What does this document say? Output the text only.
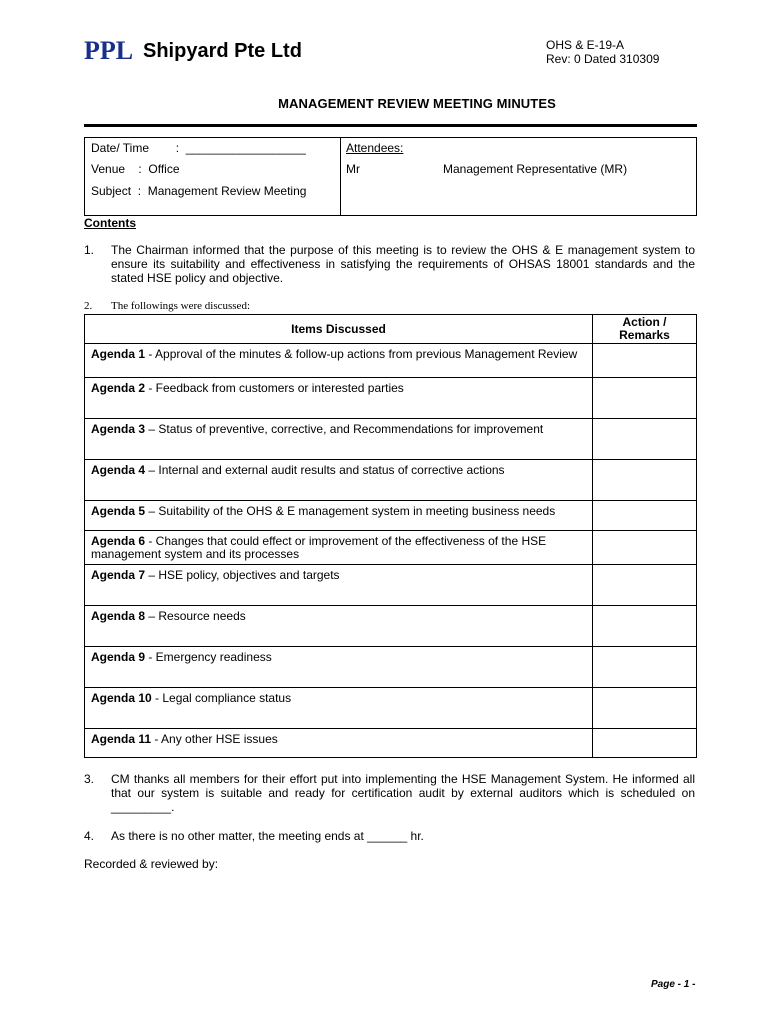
PPL Shipyard Pte Ltd	OHS & E-19-A
Rev: 0 Dated 310309
MANAGEMENT REVIEW MEETING MINUTES
Date/ Time        :  __________________
Venue    :  Office
Subject  :  Management Review Meeting
Attendees:
Mr	Management Representative (MR)
Contents
1. The Chairman informed that the purpose of this meeting is to review the OHS & E management system to ensure its suitability and effectiveness in satisfying the requirements of OHSAS 18001 standards and the stated HSE policy and objective.
2. The followings were discussed:
Items Discussed	Action / Remarks
Agenda 1 - Approval of the minutes & follow-up actions from previous Management Review	
Agenda 2 - Feedback from customers or interested parties	
Agenda 3 – Status of preventive, corrective, and Recommendations for improvement	
Agenda 4 – Internal and external audit results and status of corrective actions	
Agenda 5 – Suitability of the OHS & E management system in meeting business needs	
Agenda 6 - Changes that could effect or improvement of the effectiveness of the HSE management system and its processes	
Agenda 7 – HSE policy, objectives and targets	
Agenda 8 – Resource needs	
Agenda 9 - Emergency readiness	
Agenda 10 - Legal compliance status	
Agenda 11 - Any other HSE issues	
3. CM thanks all members for their effort put into implementing the HSE Management System. He informed all that our system is suitable and ready for certification audit by external auditors which is scheduled on _________.
4. As there is no other matter, the meeting ends at ______ hr.
Recorded & reviewed by:
Page - 1 -
